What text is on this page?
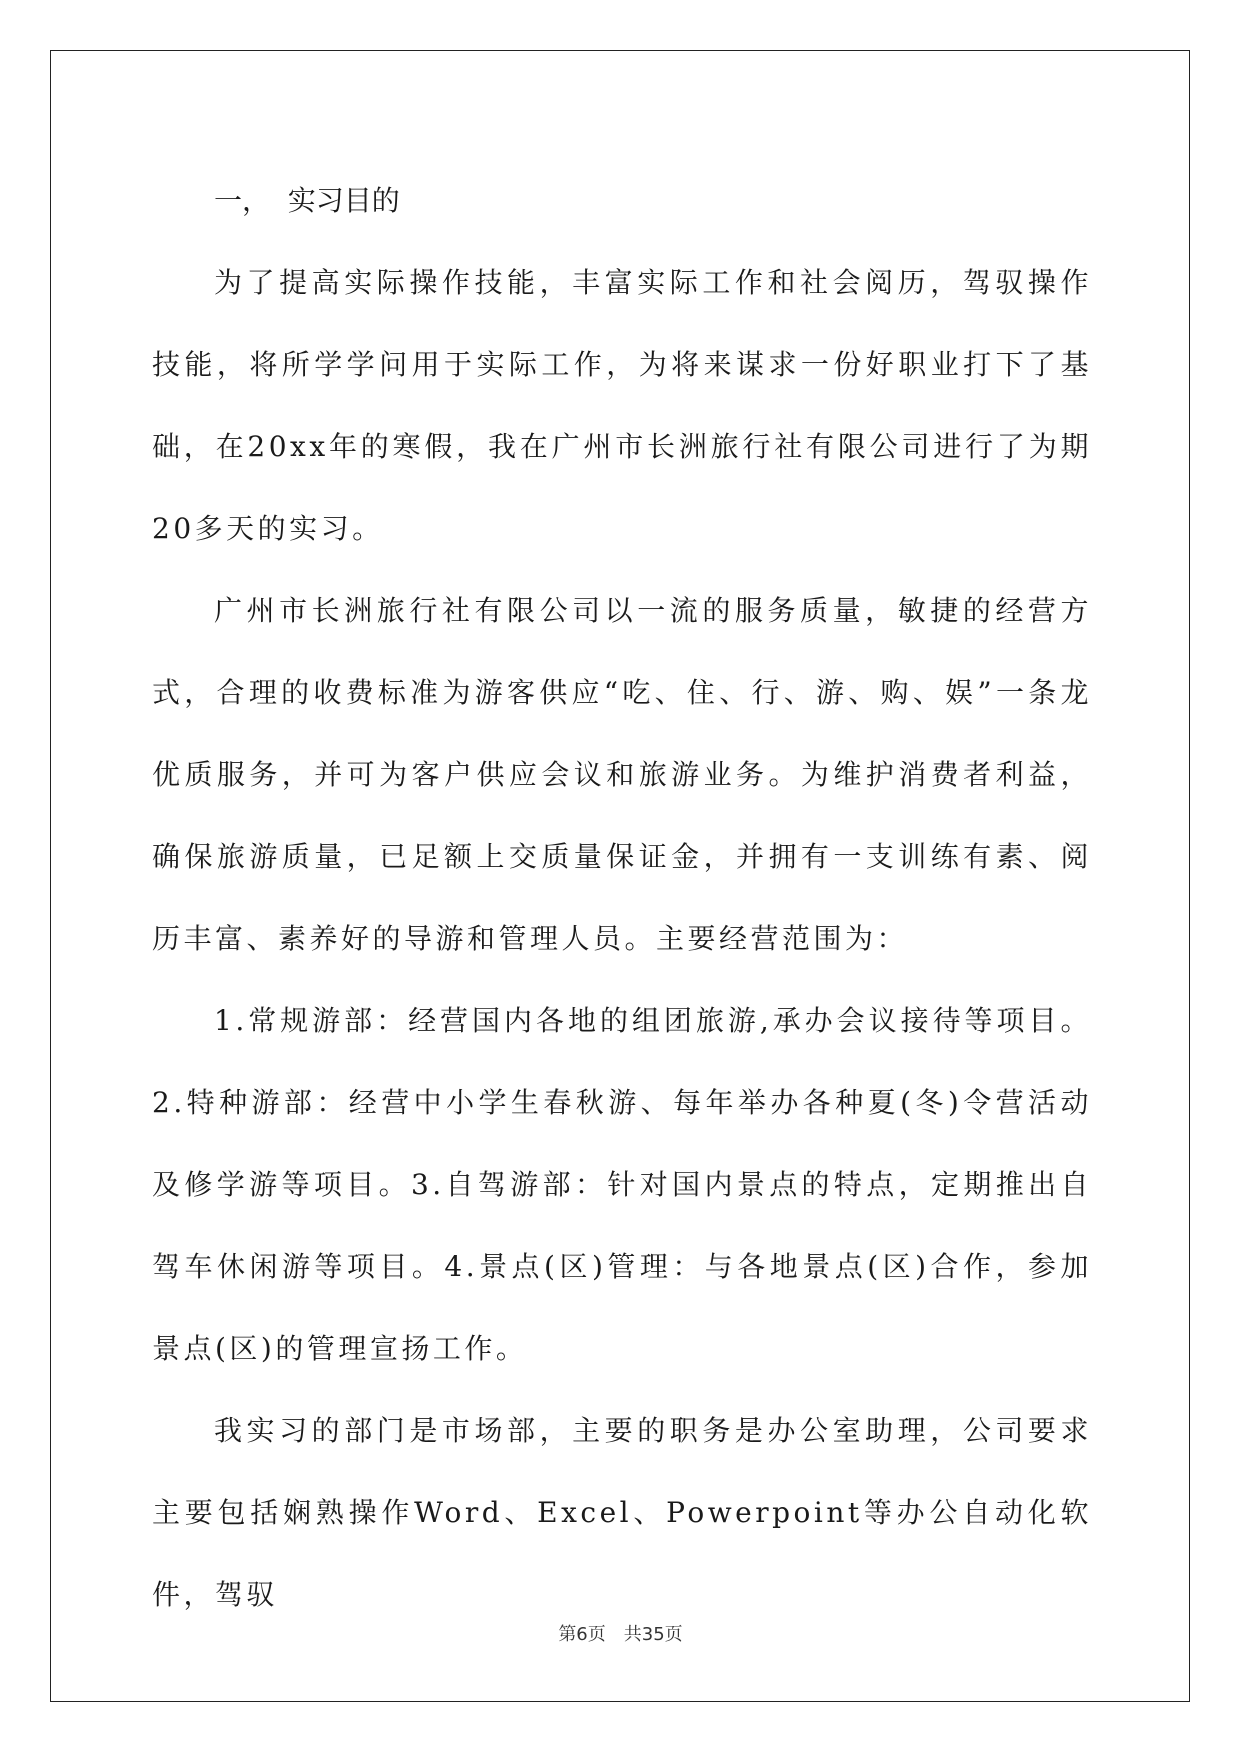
一，  实习目的

为了提高实际操作技能，丰富实际工作和社会阅历，驾驭操作技能，将所学学问用于实际工作，为将来谋求一份好职业打下了基础，在20xx年的寒假，我在广州市长洲旅行社有限公司进行了为期20多天的实习。

广州市长洲旅行社有限公司以一流的服务质量，敏捷的经营方式，合理的收费标准为游客供应“吃、住、行、游、购、娱”一条龙优质服务，并可为客户供应会议和旅游业务。为维护消费者利益，确保旅游质量，已足额上交质量保证金，并拥有一支训练有素、阅历丰富、素养好的导游和管理人员。主要经营范围为：

1.常规游部：经营国内各地的组团旅游,承办会议接待等项目。2.特种游部：经营中小学生春秋游、每年举办各种夏(冬)令营活动及修学游等项目。3.自驾游部：针对国内景点的特点，定期推出自驾车休闲游等项目。4.景点(区)管理：与各地景点(区)合作，参加景点(区)的管理宣扬工作。

我实习的部门是市场部，主要的职务是办公室助理，公司要求主要包括娴熟操作Word、Excel、Powerpoint等办公自动化软件，驾驭

第6页　共35页
